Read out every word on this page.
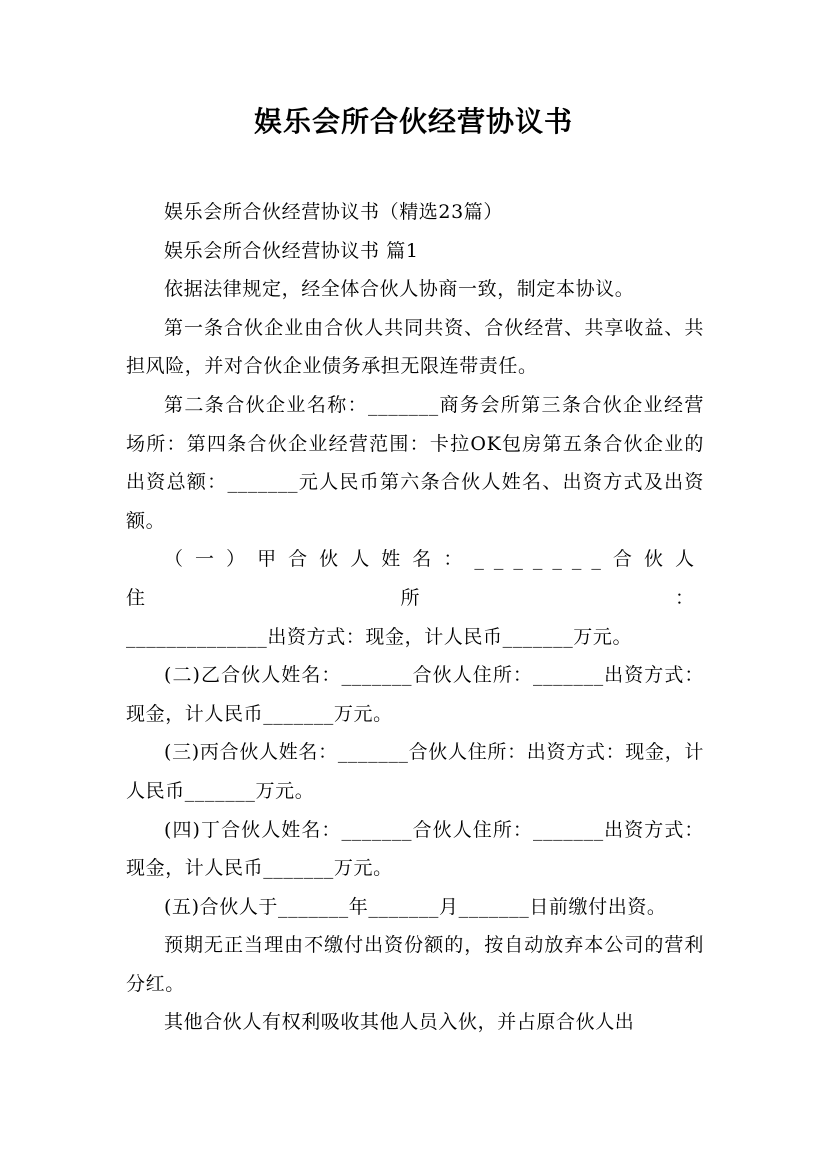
娱乐会所合伙经营协议书

娱乐会所合伙经营协议书（精选23篇）

娱乐会所合伙经营协议书 篇1

依据法律规定，经全体合伙人协商一致，制定本协议。

第一条合伙企业由合伙人共同共资、合伙经营、共享收益、共担风险，并对合伙企业债务承担无限连带责任。

第二条合伙企业名称：_______商务会所第三条合伙企业经营场所：第四条合伙企业经营范围：卡拉OK包房第五条合伙企业的出资总额：_______元人民币第六条合伙人姓名、出资方式及出资额。

（一）甲合伙人姓名：_______合伙人住所：

______________出资方式：现金，计人民币_______万元。

(二)乙合伙人姓名：_______合伙人住所：_______出资方式：现金，计人民币_______万元。

(三)丙合伙人姓名：_______合伙人住所：出资方式：现金，计人民币_______万元。

(四)丁合伙人姓名：_______合伙人住所：_______出资方式：现金，计人民币_______万元。

(五)合伙人于_______年_______月_______日前缴付出资。

预期无正当理由不缴付出资份额的，按自动放弃本公司的营利分红。

其他合伙人有权利吸收其他人员入伙，并占原合伙人出
